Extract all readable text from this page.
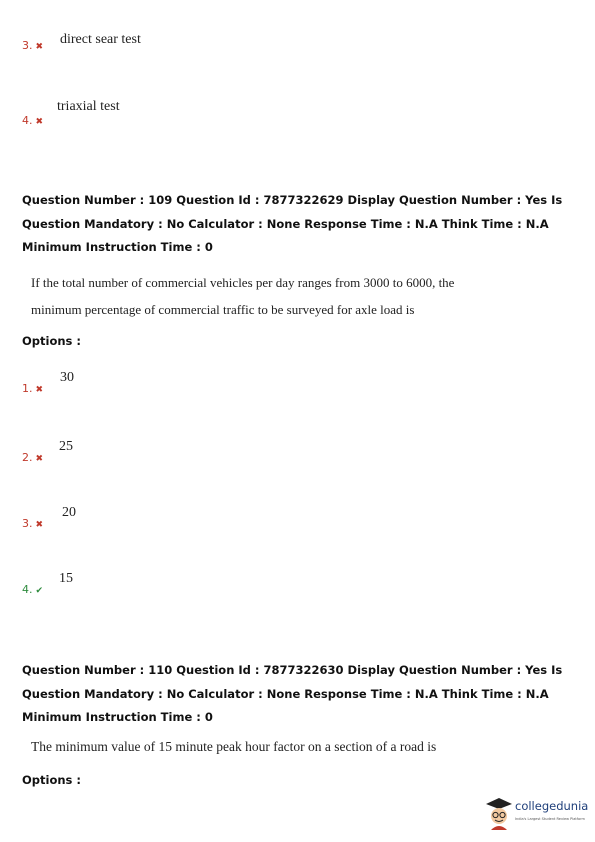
3. ✖ direct sear test
4. ✖
triaxial test
Question Number : 109 Question Id : 7877322629 Display Question Number : Yes Is Question Mandatory : No Calculator : None Response Time : N.A Think Time : N.A Minimum Instruction Time : 0
If the total number of commercial vehicles per day ranges from 3000 to 6000, the minimum percentage of commercial traffic to be surveyed for axle load is
Options :
1. ✖
30
2. ✖
25
3. ✖
20
4. ✔
15
Question Number : 110 Question Id : 7877322630 Display Question Number : Yes Is Question Mandatory : No Calculator : None Response Time : N.A Think Time : N.A Minimum Instruction Time : 0
The minimum value of 15 minute peak hour factor on a section of a road is
Options :
collegedunia
India's Largest Student Review Platform
